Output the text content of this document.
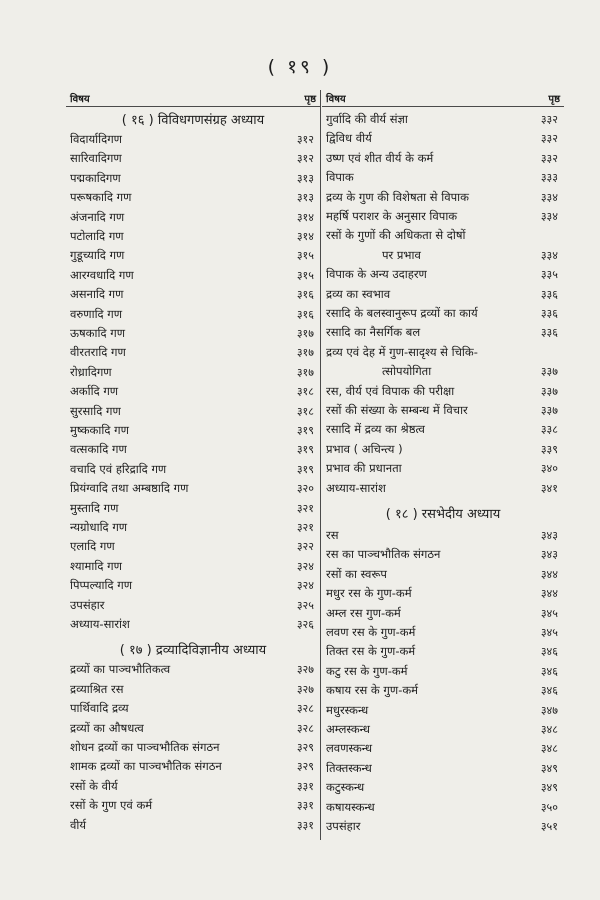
( १९ )
विषय	पृष्ठ
( १६ ) विविधगणसंग्रह अध्याय
विदार्यादिगण	३१२
सारिवादिगण	३१२
पद्मकादिगण	३१३
परूषकादि गण	३१३
अंजनादि गण	३१४
पटोलादि गण	३१४
गुडूच्यादि गण	३१५
आरग्वधादि गण	३१५
असनादि गण	३१६
वरुणादि गण	३१६
ऊषकादि गण	३१७
वीरतरादि गण	३१७
रोध्रादिगण	३१७
अर्कादि गण	३१८
सुरसादि गण	३१८
मुष्ककादि गण	३१९
वत्सकादि गण	३१९
वचादि एवं हरिद्रादि गण	३१९
प्रियंग्वादि तथा अम्बष्ठादि गण	३२०
मुस्तादि गण	३२१
न्यग्रोधादि गण	३२१
एलादि गण	३२२
श्यामादि गण	३२४
पिप्पल्यादि गण	३२४
उपसंहार	३२५
अध्याय-सारांश	३२६
( १७ ) द्रव्यादिविज्ञानीय अध्याय
द्रव्यों का पाञ्चभौतिकत्व	३२७
द्रव्याश्रित रस	३२७
पार्थिवादि द्रव्य	३२८
द्रव्यों का औषधत्व	३२८
शोधन द्रव्यों का पाञ्चभौतिक संगठन	३२९
शामक द्रव्यों का पाञ्चभौतिक संगठन	३२९
रसों के वीर्य	३३१
रसों के गुण एवं कर्म	३३१
वीर्य	३३१
विषय	पृष्ठ
गुर्वादि की वीर्य संज्ञा	३३२
द्विविध वीर्य	३३२
उष्ण एवं शीत वीर्य के कर्म	३३२
विपाक	३३३
द्रव्य के गुण की विशेषता से विपाक	३३४
महर्षि पराशर के अनुसार विपाक	३३४
रसों के गुणों की अधिकता से दोषों
पर प्रभाव	३३४
विपाक के अन्य उदाहरण	३३५
द्रव्य का स्वभाव	३३६
रसादि के बलस्वानुरूप द्रव्यों का कार्य	३३६
रसादि का नैसर्गिक बल	३३६
द्रव्य एवं देह में गुण-सादृश्य से चिकि-
त्सोपयोगिता	३३७
रस, वीर्य एवं विपाक की परीक्षा	३३७
रसों की संख्या के सम्बन्ध में विचार	३३७
रसादि में द्रव्य का श्रेष्ठत्व	३३८
प्रभाव ( अचिन्त्य )	३३९
प्रभाव की प्रधानता	३४०
अध्याय-सारांश	३४१
( १८ ) रसभेदीय अध्याय
रस	३४३
रस का पाञ्चभौतिक संगठन	३४३
रसों का स्वरूप	३४४
मधुर रस के गुण-कर्म	३४४
अम्ल रस गुण-कर्म	३४५
लवण रस के गुण-कर्म	३४५
तिक्त रस के गुण-कर्म	३४६
कटु रस के गुण-कर्म	३४६
कषाय रस के गुण-कर्म	३४६
मधुरस्कन्ध	३४७
अम्लस्कन्ध	३४८
लवणस्कन्ध	३४८
तिक्तस्कन्ध	३४९
कटुस्कन्ध	३४९
कषायस्कन्ध	३५०
उपसंहार	३५१
